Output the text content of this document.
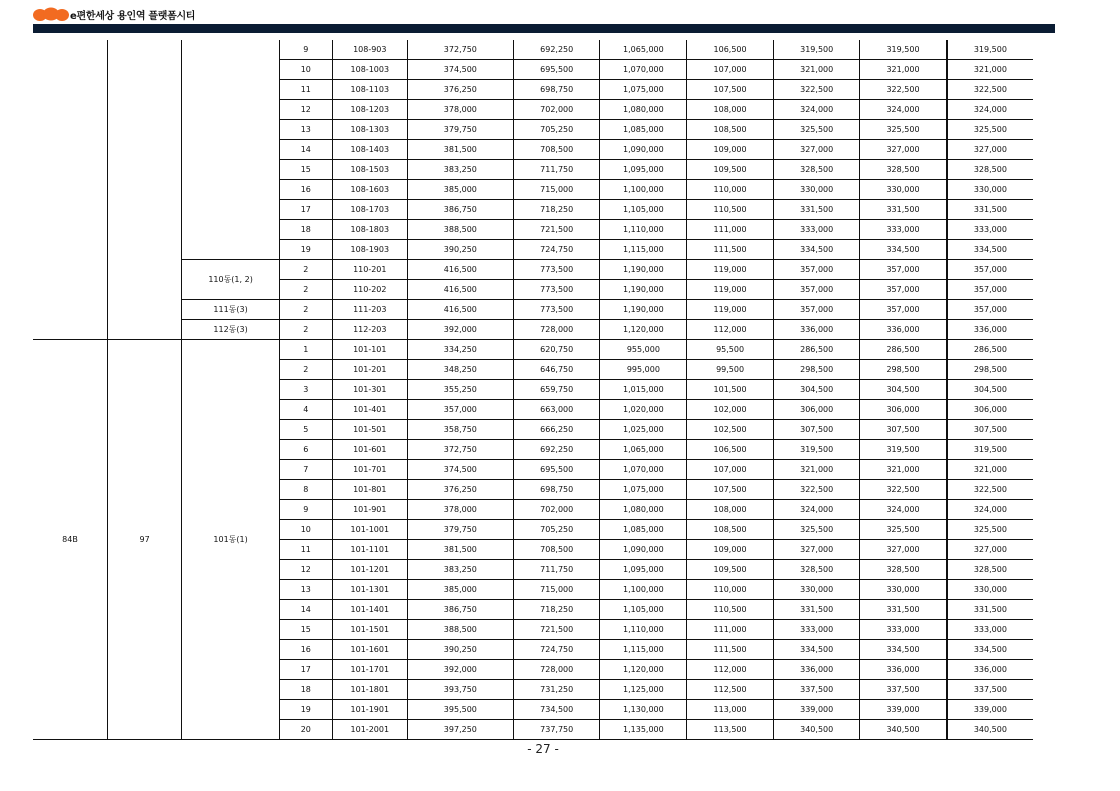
e편한세상 용인역 플랫폼시티
			9	108-903	372,750	692,250	1,065,000	106,500	319,500	319,500	319,500
			10	108-1003	374,500	695,500	1,070,000	107,000	321,000	321,000	321,000
			11	108-1103	376,250	698,750	1,075,000	107,500	322,500	322,500	322,500
			12	108-1203	378,000	702,000	1,080,000	108,000	324,000	324,000	324,000
			13	108-1303	379,750	705,250	1,085,000	108,500	325,500	325,500	325,500
			14	108-1403	381,500	708,500	1,090,000	109,000	327,000	327,000	327,000
			15	108-1503	383,250	711,750	1,095,000	109,500	328,500	328,500	328,500
			16	108-1603	385,000	715,000	1,100,000	110,000	330,000	330,000	330,000
			17	108-1703	386,750	718,250	1,105,000	110,500	331,500	331,500	331,500
			18	108-1803	388,500	721,500	1,110,000	111,000	333,000	333,000	333,000
			19	108-1903	390,250	724,750	1,115,000	111,500	334,500	334,500	334,500
		110동(1, 2)	2	110-201	416,500	773,500	1,190,000	119,000	357,000	357,000	357,000
			2	110-202	416,500	773,500	1,190,000	119,000	357,000	357,000	357,000
		111동(3)	2	111-203	416,500	773,500	1,190,000	119,000	357,000	357,000	357,000
		112동(3)	2	112-203	392,000	728,000	1,120,000	112,000	336,000	336,000	336,000
84B	97	101동(1)	1	101-101	334,250	620,750	955,000	95,500	286,500	286,500	286,500
			2	101-201	348,250	646,750	995,000	99,500	298,500	298,500	298,500
			3	101-301	355,250	659,750	1,015,000	101,500	304,500	304,500	304,500
			4	101-401	357,000	663,000	1,020,000	102,000	306,000	306,000	306,000
			5	101-501	358,750	666,250	1,025,000	102,500	307,500	307,500	307,500
			6	101-601	372,750	692,250	1,065,000	106,500	319,500	319,500	319,500
			7	101-701	374,500	695,500	1,070,000	107,000	321,000	321,000	321,000
			8	101-801	376,250	698,750	1,075,000	107,500	322,500	322,500	322,500
			9	101-901	378,000	702,000	1,080,000	108,000	324,000	324,000	324,000
			10	101-1001	379,750	705,250	1,085,000	108,500	325,500	325,500	325,500
			11	101-1101	381,500	708,500	1,090,000	109,000	327,000	327,000	327,000
			12	101-1201	383,250	711,750	1,095,000	109,500	328,500	328,500	328,500
			13	101-1301	385,000	715,000	1,100,000	110,000	330,000	330,000	330,000
			14	101-1401	386,750	718,250	1,105,000	110,500	331,500	331,500	331,500
			15	101-1501	388,500	721,500	1,110,000	111,000	333,000	333,000	333,000
			16	101-1601	390,250	724,750	1,115,000	111,500	334,500	334,500	334,500
			17	101-1701	392,000	728,000	1,120,000	112,000	336,000	336,000	336,000
			18	101-1801	393,750	731,250	1,125,000	112,500	337,500	337,500	337,500
			19	101-1901	395,500	734,500	1,130,000	113,000	339,000	339,000	339,000
			20	101-2001	397,250	737,750	1,135,000	113,500	340,500	340,500	340,500
- 27 -
